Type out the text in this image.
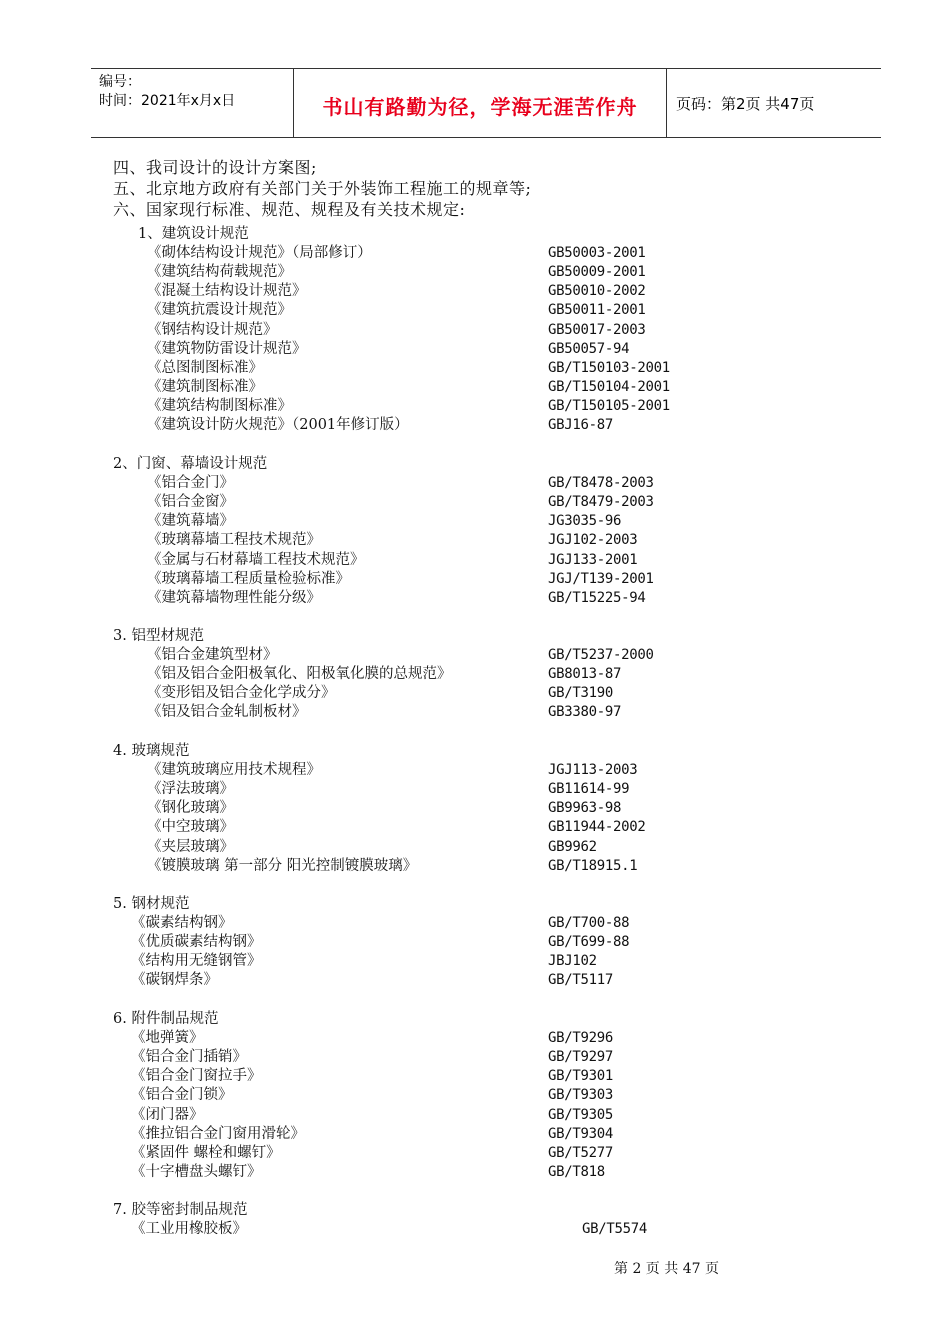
编号：
时间：2021年x月x日	书山有路勤为径，学海无涯苦作舟	页码：第2页 共47页
四、我司设计的设计方案图;
五、北京地方政府有关部门关于外装饰工程施工的规章等;
六、国家现行标准、规范、规程及有关技术规定:
1、建筑设计规范
《砌体结构设计规范》（局部修订）	GB50003-2001
《建筑结构荷载规范》	GB50009-2001
《混凝土结构设计规范》	GB50010-2002
《建筑抗震设计规范》	GB50011-2001
《钢结构设计规范》	GB50017-2003
《建筑物防雷设计规范》	GB50057-94
《总图制图标准》	GB/T150103-2001
《建筑制图标准》	GB/T150104-2001
《建筑结构制图标准》	GB/T150105-2001
《建筑设计防火规范》（2001年修订版）	GBJ16-87
2、门窗、幕墙设计规范
《铝合金门》	GB/T8478-2003
《铝合金窗》	GB/T8479-2003
《建筑幕墙》	JG3035-96
《玻璃幕墙工程技术规范》	JGJ102-2003
《金属与石材幕墙工程技术规范》	JGJ133-2001
《玻璃幕墙工程质量检验标准》	JGJ/T139-2001
《建筑幕墙物理性能分级》	GB/T15225-94
3. 铝型材规范
《铝合金建筑型材》	GB/T5237-2000
《铝及铝合金阳极氧化、阳极氧化膜的总规范》	GB8013-87
《变形铝及铝合金化学成分》	GB/T3190
《铝及铝合金轧制板材》	GB3380-97
4. 玻璃规范
《建筑玻璃应用技术规程》	JGJ113-2003
《浮法玻璃》	GB11614-99
《钢化玻璃》	GB9963-98
《中空玻璃》	GB11944-2002
《夹层玻璃》	GB9962
《镀膜玻璃 第一部分 阳光控制镀膜玻璃》	GB/T18915.1
5. 钢材规范
《碳素结构钢》	GB/T700-88
《优质碳素结构钢》	GB/T699-88
《结构用无缝钢管》	JBJ102
《碳钢焊条》	GB/T5117
6. 附件制品规范
《地弹簧》	GB/T9296
《铝合金门插销》	GB/T9297
《铝合金门窗拉手》	GB/T9301
《铝合金门锁》	GB/T9303
《闭门器》	GB/T9305
《推拉铝合金门窗用滑轮》	GB/T9304
《紧固件 螺栓和螺钉》	GB/T5277
《十字槽盘头螺钉》	GB/T818
7. 胶等密封制品规范
《工业用橡胶板》	GB/T5574
第 2 页 共 47 页
